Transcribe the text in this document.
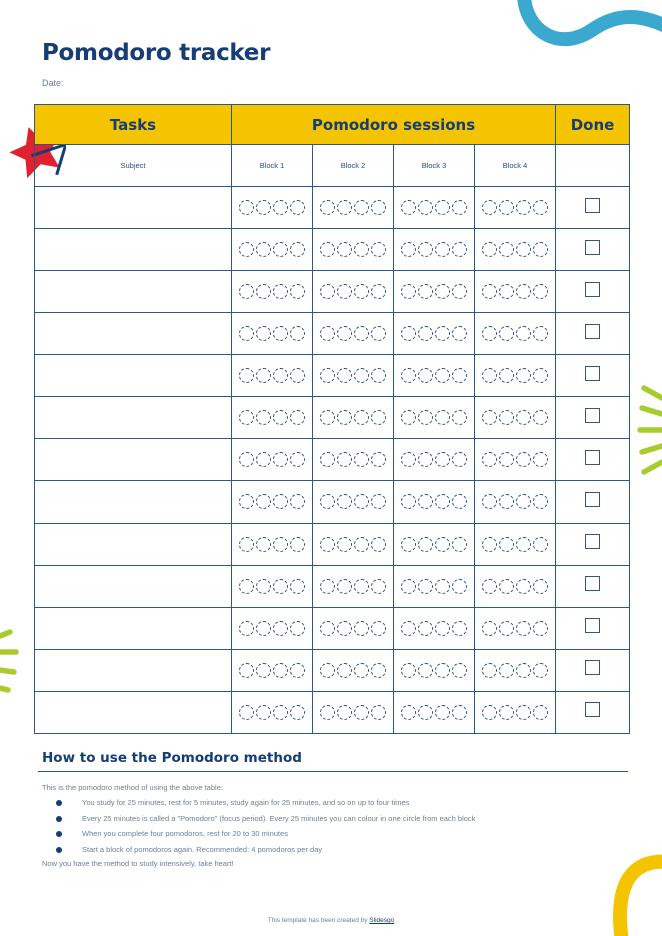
Pomodoro tracker
Date:
Tasks	Pomodoro sessions				Done
Subject	Block 1	Block 2	Block 3	Block 4	

How to use the Pomodoro method
This is the pomodoro method of using the above table:
You study for 25 minutes, rest for 5 minutes, study again for 25 minutes, and so on up to four times
Every 25 minutes is called a "Pomodoro" (focus period). Every 25 minutes you can colour in one circle from each block
When you complete four pomodoros, rest for 20 to 30 minutes
Start a block of pomodoros again. Recommended: 4 pomodoros per day
Now you have the method to study intensively, take heart!
This template has been created by Slidesgo
